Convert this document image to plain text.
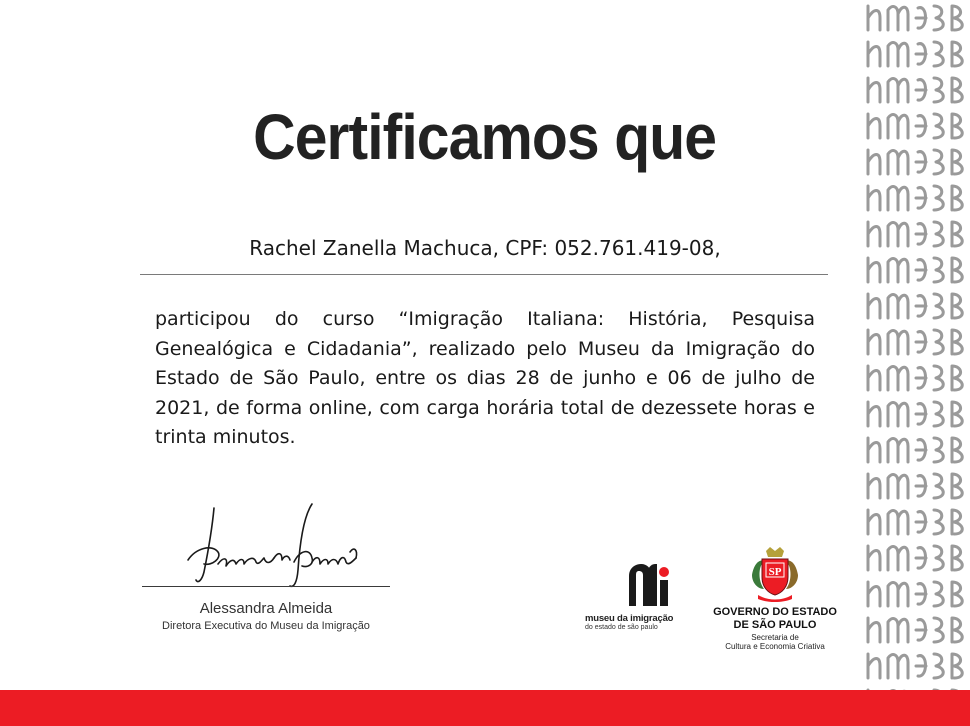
Certificamos que
Rachel Zanella Machuca, CPF: 052.761.419-08,
participou do curso “Imigração Italiana: História, Pesquisa Genealógica e Cidadania”, realizado pelo Museu da Imigração do Estado de São Paulo, entre os dias 28 de junho e 06 de julho de 2021, de forma online, com carga horária total de dezessete horas e trinta minutos.
Alessandra Almeida
Diretora Executiva do Museu da Imigração
museu da imigração
do estado de são paulo
SP
GOVERNO DO ESTADO
DE SÃO PAULO
Secretaria de
Cultura e Economia Criativa
